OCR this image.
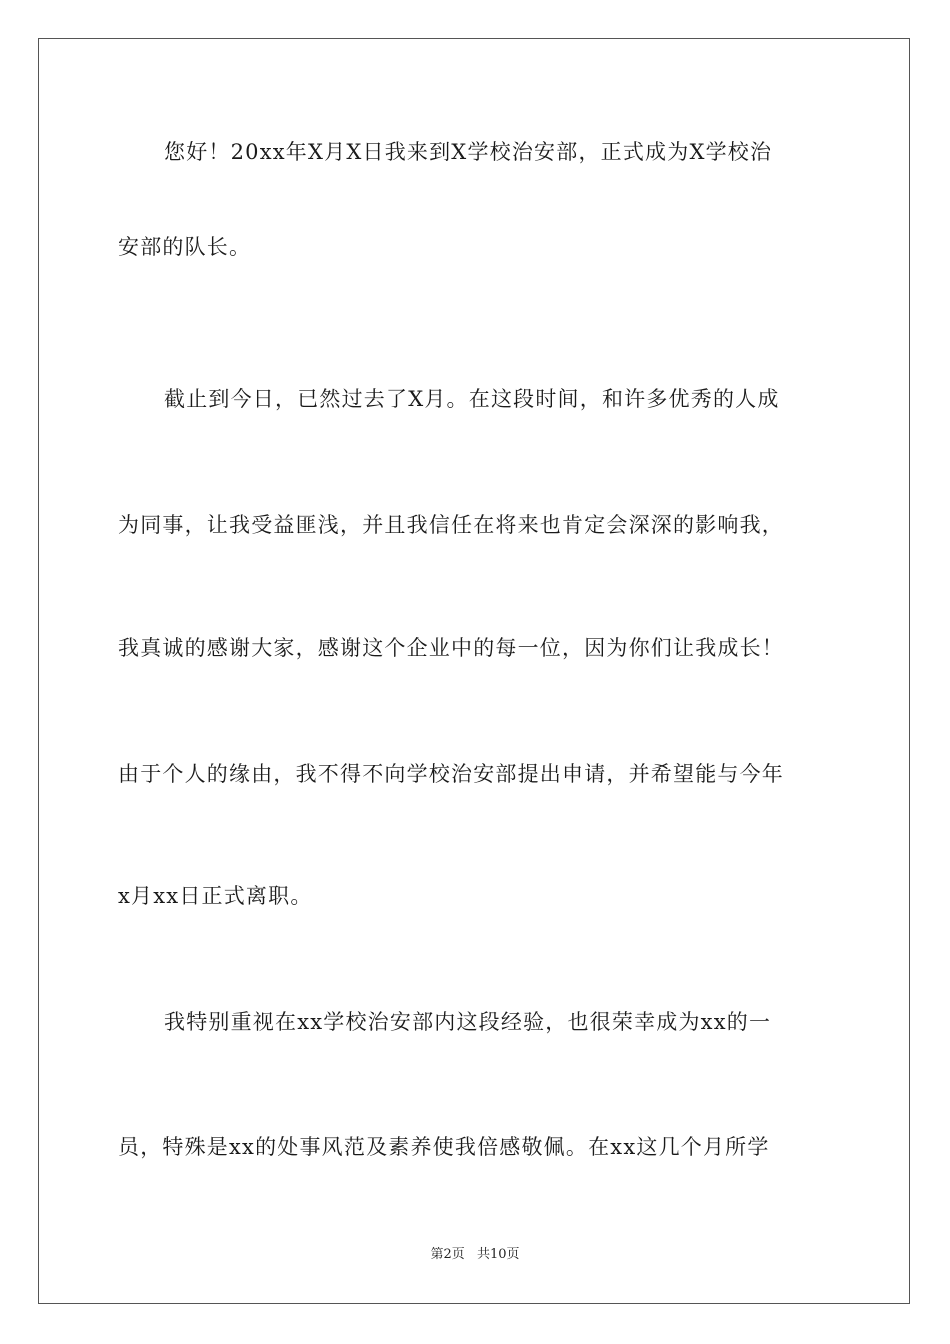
您好！20xx年X月X日我来到X学校治安部，正式成为X学校治
安部的队长。
截止到今日，已然过去了X月。在这段时间，和许多优秀的人成
为同事，让我受益匪浅，并且我信任在将来也肯定会深深的影响我，
我真诚的感谢大家，感谢这个企业中的每一位，因为你们让我成长！
由于个人的缘由，我不得不向学校治安部提出申请，并希望能与今年
x月xx日正式离职。
我特别重视在xx学校治安部内这段经验，也很荣幸成为xx的一
员，特殊是xx的处事风范及素养使我倍感敬佩。在xx这几个月所学
第2页 共10页
